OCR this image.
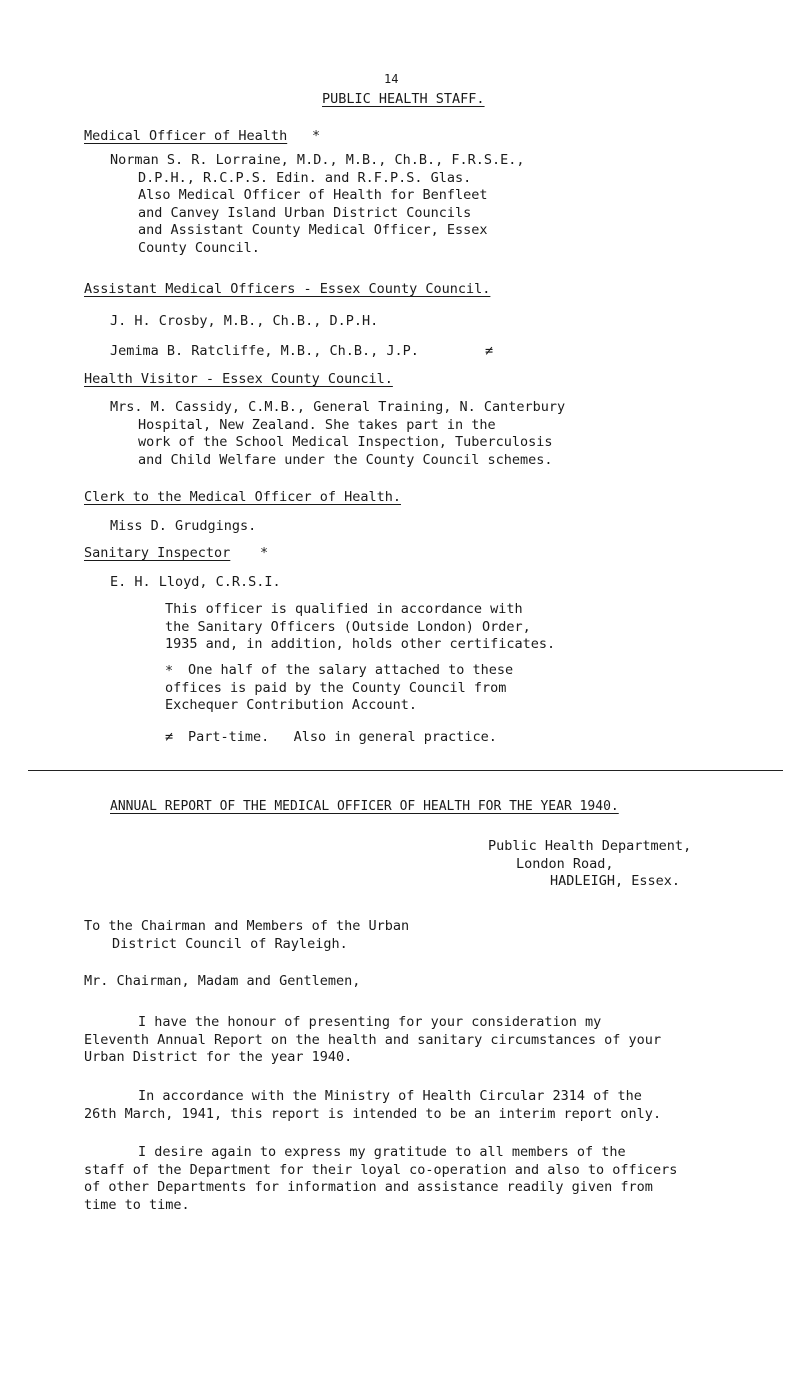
14
PUBLIC HEALTH STAFF.
Medical Officer of Health *
Norman S. R. Lorraine, M.D., M.B., Ch.B., F.R.S.E.,
D.P.H., R.C.P.S. Edin. and R.F.P.S. Glas.
Also Medical Officer of Health for Benfleet
and Canvey Island Urban District Councils
and Assistant County Medical Officer, Essex
County Council.
Assistant Medical Officers - Essex County Council.
J. H. Crosby, M.B., Ch.B., D.P.H.
Jemima B. Ratcliffe, M.B., Ch.B., J.P.	≠
Health Visitor - Essex County Council.
Mrs. M. Cassidy, C.M.B., General Training, N. Canterbury
Hospital, New Zealand. She takes part in the
work of the School Medical Inspection, Tuberculosis
and Child Welfare under the County Council schemes.
Clerk to the Medical Officer of Health.
Miss D. Grudgings.
Sanitary Inspector *
E. H. Lloyd, C.R.S.I.
This officer is qualified in accordance with
the Sanitary Officers (Outside London) Order,
1935 and, in addition, holds other certificates.
* One half of the salary attached to these
offices is paid by the County Council from
Exchequer Contribution Account.
≠ Part-time.   Also in general practice.
ANNUAL REPORT OF THE MEDICAL OFFICER OF HEALTH FOR THE YEAR 1940.
Public Health Department,
London Road,
HADLEIGH, Essex.
To the Chairman and Members of the Urban
District Council of Rayleigh.
Mr. Chairman, Madam and Gentlemen,
I have the honour of presenting for your consideration my
Eleventh Annual Report on the health and sanitary circumstances of your
Urban District for the year 1940.
In accordance with the Ministry of Health Circular 2314 of the
26th March, 1941, this report is intended to be an interim report only.
I desire again to express my gratitude to all members of the
staff of the Department for their loyal co-operation and also to officers
of other Departments for information and assistance readily given from
time to time.
